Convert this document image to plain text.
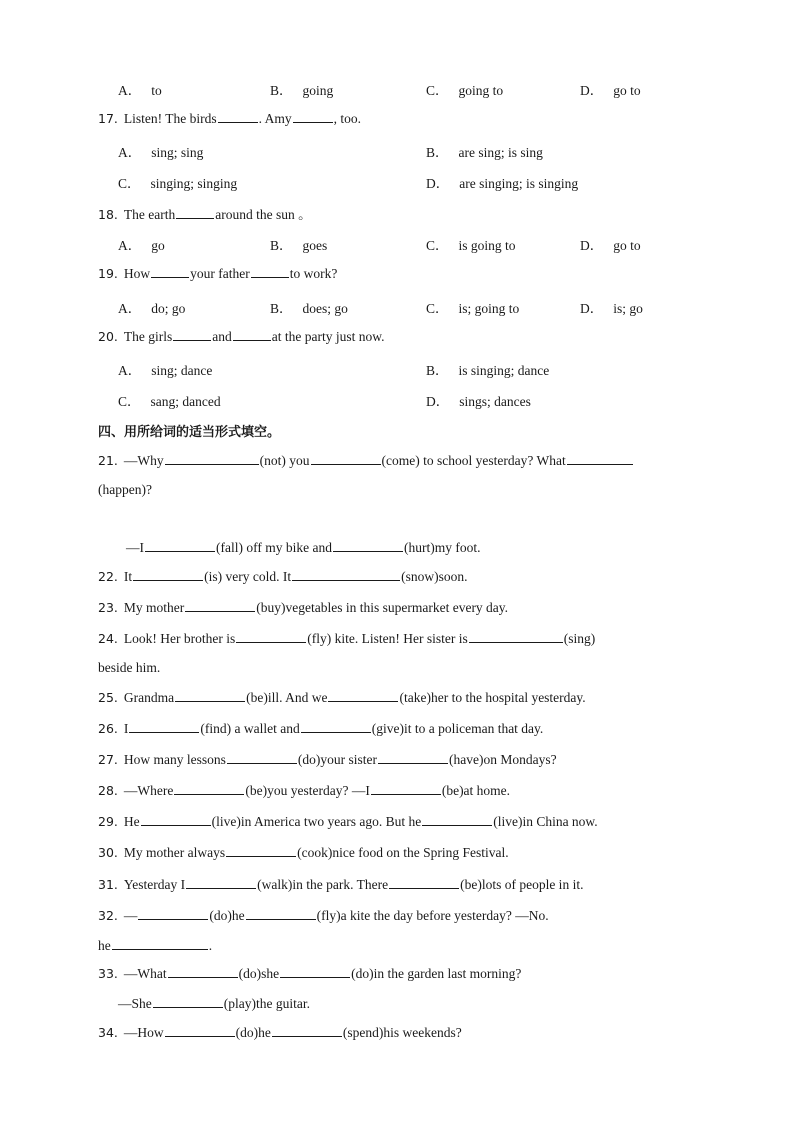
A． to	B． going	C． going to	D． go to
17. Listen! The birds	. Amy	, too.
A． sing; sing	B． are sing; is sing
C． singing; singing	D． are singing; is singing
18. The earth	around the sun 。
A． go	B． goes	C． is going to	D． go to
19. How	your father	to work?
A． do; go	B． does; go	C． is; going to	D． is; go
20. The girls	and	at the party just now.
A． sing; dance	B． is singing; dance
C． sang; danced	D． sings; dances
四、用所给词的适当形式填空。
21. —Why	(not) you	(come) to school yesterday? What
(happen)?
—I	(fall) off my bike and	(hurt)my foot.
22. It	(is) very cold. It	(snow)soon.
23. My mother	(buy)vegetables in this supermarket every day.
24. Look! Her brother is	(fly) kite. Listen! Her sister is	(sing)
beside him.
25. Grandma	(be)ill. And we	(take)her to the hospital yesterday.
26. I	(find) a wallet and	(give)it to a policeman that day.
27. How many lessons	(do)your sister	(have)on Mondays?
28. —Where	(be)you yesterday? —I	(be)at home.
29. He	(live)in America two years ago. But he	(live)in China now.
30. My mother always	(cook)nice food on the Spring Festival.
31. Yesterday I	(walk)in the park. There	(be)lots of people in it.
32. —	(do)he	(fly)a kite the day before yesterday? —No.
he	.
33. —What	(do)she	(do)in the garden last morning?
—She	(play)the guitar.
34. —How	(do)he	(spend)his weekends?
